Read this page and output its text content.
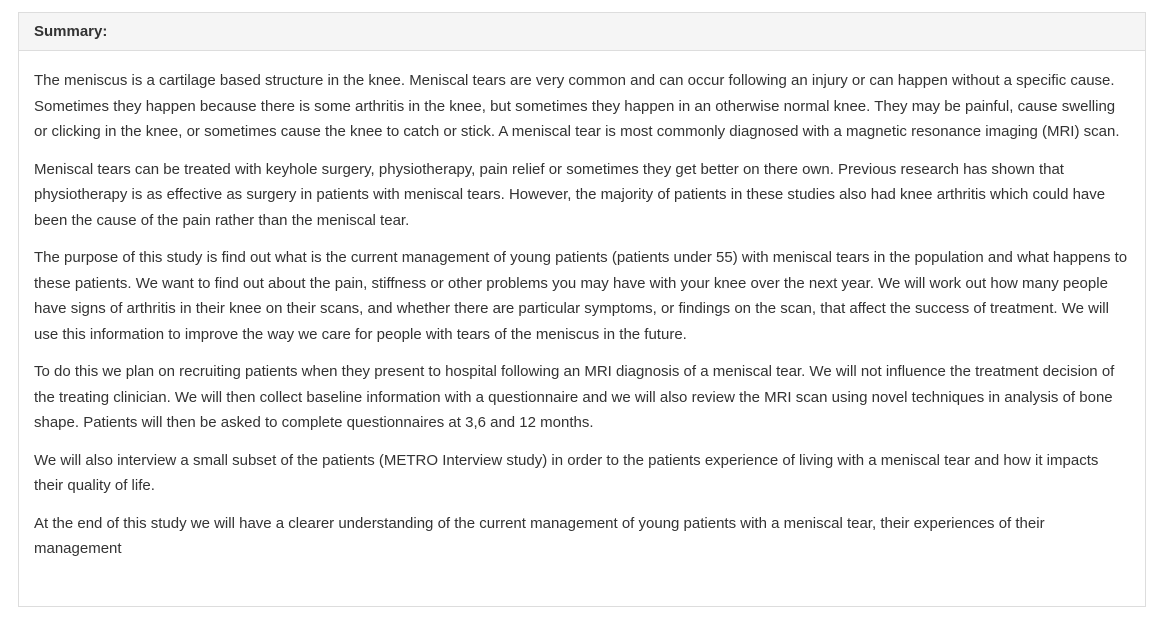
Summary:

The meniscus is a cartilage based structure in the knee. Meniscal tears are very common and can occur following an injury or can happen without a specific cause. Sometimes they happen because there is some arthritis in the knee, but sometimes they happen in an otherwise normal knee. They may be painful, cause swelling or clicking in the knee, or sometimes cause the knee to catch or stick. A meniscal tear is most commonly diagnosed with a magnetic resonance imaging (MRI) scan.

Meniscal tears can be treated with keyhole surgery, physiotherapy, pain relief or sometimes they get better on there own. Previous research has shown that physiotherapy is as effective as surgery in patients with meniscal tears. However, the majority of patients in these studies also had knee arthritis which could have been the cause of the pain rather than the meniscal tear.

The purpose of this study is find out what is the current management of young patients (patients under 55) with meniscal tears in the population and what happens to these patients. We want to find out about the pain, stiffness or other problems you may have with your knee over the next year. We will work out how many people have signs of arthritis in their knee on their scans, and whether there are particular symptoms, or findings on the scan, that affect the success of treatment. We will use this information to improve the way we care for people with tears of the meniscus in the future.

To do this we plan on recruiting patients when they present to hospital following an MRI diagnosis of a meniscal tear. We will not influence the treatment decision of the treating clinician. We will then collect baseline information with a questionnaire and we will also review the MRI scan using novel techniques in analysis of bone shape. Patients will then be asked to complete questionnaires at 3,6 and 12 months.

We will also interview a small subset of the patients (METRO Interview study) in order to the patients experience of living with a meniscal tear and how it impacts their quality of life.

At the end of this study we will have a clearer understanding of the current management of young patients with a meniscal tear, their experiences of their management
